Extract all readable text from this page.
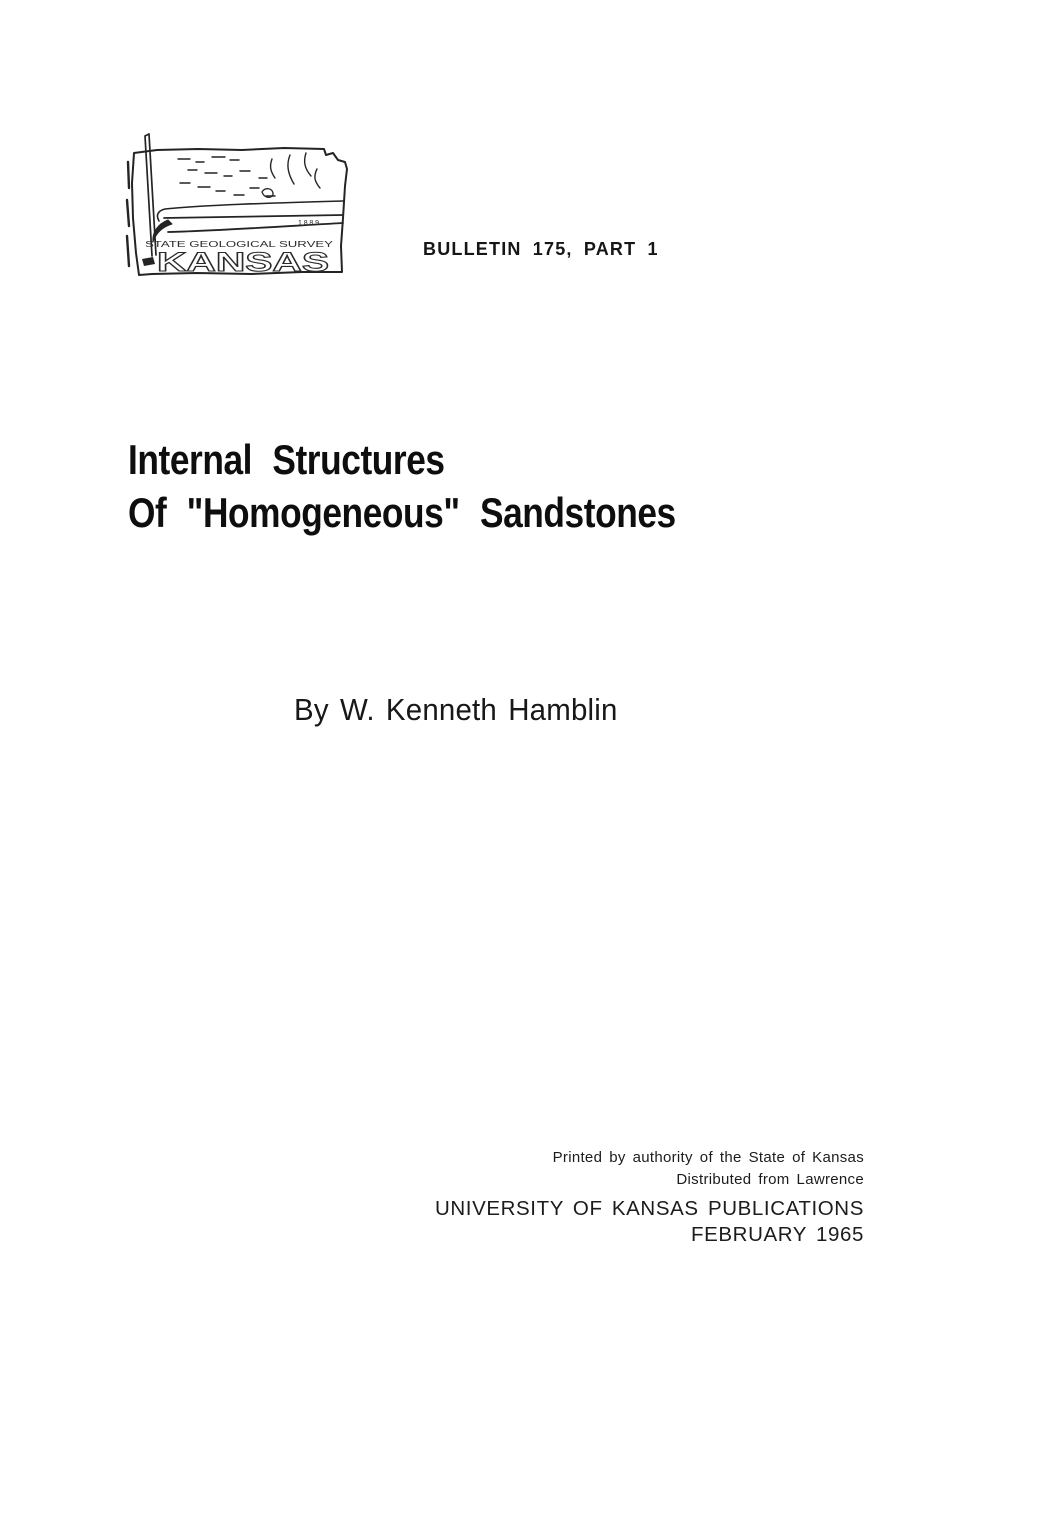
1889
STATE GEOLOGICAL SURVEY
KANSAS	BULLETIN 175, PART 1
Internal Structures
Of "Homogeneous" Sandstones
By W. Kenneth Hamblin
Printed by authority of the State of Kansas
Distributed from Lawrence
UNIVERSITY OF KANSAS PUBLICATIONS
FEBRUARY 1965
